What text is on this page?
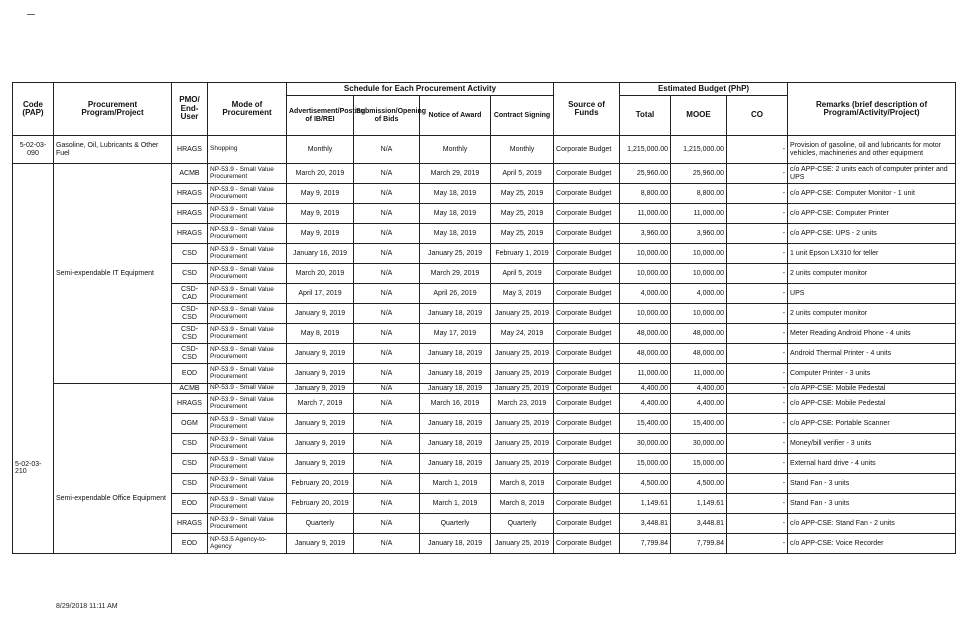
Code (PAP)	Procurement Program/Project	PMO/ End-User	Mode of Procurement	Schedule for Each Procurement Activity				Source of Funds	Estimated Budget (PhP)			Remarks (brief description of Program/Activity/Project)
				Advertisement/Posting of IB/REI	Submission/Opening of Bids	Notice of Award	Contract Signing		Total	MOOE	CO	
5-02-03-090	Gasoline, Oil, Lubricants & Other Fuel	HRAGS	Shopping	Monthly	N/A	Monthly	Monthly	Corporate Budget	1,215,000.00	1,215,000.00	-	Provision of gasoline, oil and lubricants for motor vehicles, machineries and other equipment
	Semi-expendable IT Equipment	ACMB	NP-53.9 - Small Value Procurement	March 20, 2019	N/A	March 29, 2019	April 5, 2019	Corporate Budget	25,960.00	25,960.00	-	c/o APP-CSE: 2 units each of computer printer and UPS
		HRAGS	NP-53.9 - Small Value Procurement	May 9, 2019	N/A	May 18, 2019	May 25, 2019	Corporate Budget	8,800.00	8,800.00	-	c/o APP-CSE: Computer Monitor - 1 unit
		HRAGS	NP-53.9 - Small Value Procurement	May 9, 2019	N/A	May 18, 2019	May 25, 2019	Corporate Budget	11,000.00	11,000.00	-	c/o APP-CSE: Computer Printer
		HRAGS	NP-53.9 - Small Value Procurement	May 9, 2019	N/A	May 18, 2019	May 25, 2019	Corporate Budget	3,960.00	3,960.00	-	c/o APP-CSE: UPS - 2 units
		CSD	NP-53.9 - Small Value Procurement	January 16, 2019	N/A	January 25, 2019	February 1, 2019	Corporate Budget	10,000.00	10,000.00	-	1 unit Epson LX310 for teller
		CSD	NP-53.9 - Small Value Procurement	March 20, 2019	N/A	March 29, 2019	April 5, 2019	Corporate Budget	10,000.00	10,000.00	-	2 units computer monitor
		CSD-CAD	NP-53.9 - Small Value Procurement	April 17, 2019	N/A	April 26, 2019	May 3, 2019	Corporate Budget	4,000.00	4,000.00	-	UPS
		CSD-CSD	NP-53.9 - Small Value Procurement	January 9, 2019	N/A	January 18, 2019	January 25, 2019	Corporate Budget	10,000.00	10,000.00	-	2 units computer monitor
		CSD-CSD	NP-53.9 - Small Value Procurement	May 8, 2019	N/A	May 17, 2019	May 24, 2019	Corporate Budget	48,000.00	48,000.00	-	Meter Reading Android Phone - 4 units
		CSD-CSD	NP-53.9 - Small Value Procurement	January 9, 2019	N/A	January 18, 2019	January 25, 2019	Corporate Budget	48,000.00	48,000.00	-	Android Thermal Printer - 4 units
		EOD	NP-53.9 - Small Value Procurement	January 9, 2019	N/A	January 18, 2019	January 25, 2019	Corporate Budget	11,000.00	11,000.00	-	Computer Printer - 3 units
5-02-03-210	Semi-expendable Office Equipment	ACMB	NP-53.9 - Small Value	January 9, 2019	N/A	January 18, 2019	January 25, 2019	Corporate Budget	4,400.00	4,400.00	-	c/o APP-CSE: Mobile Pedestal
		HRAGS	NP-53.9 - Small Value Procurement	March 7, 2019	N/A	March 16, 2019	March 23, 2019	Corporate Budget	4,400.00	4,400.00	-	c/o APP-CSE: Mobile Pedestal
		OGM	NP-53.9 - Small Value Procurement	January 9, 2019	N/A	January 18, 2019	January 25, 2019	Corporate Budget	15,400.00	15,400.00	-	c/o APP-CSE: Portable Scanner
		CSD	NP-53.9 - Small Value Procurement	January 9, 2019	N/A	January 18, 2019	January 25, 2019	Corporate Budget	30,000.00	30,000.00	-	Money/bill verifier - 3 units
		CSD	NP-53.9 - Small Value Procurement	January 9, 2019	N/A	January 18, 2019	January 25, 2019	Corporate Budget	15,000.00	15,000.00	-	External hard drive - 4 units
		CSD	NP-53.9 - Small Value Procurement	February 20, 2019	N/A	March 1, 2019	March 8, 2019	Corporate Budget	4,500.00	4,500.00	-	Stand Fan - 3 units
		EOD	NP-53.9 - Small Value Procurement	February 20, 2019	N/A	March 1, 2019	March 8, 2019	Corporate Budget	1,149.61	1,149.61	-	Stand Fan - 3 units
		HRAGS	NP-53.9 - Small Value Procurement	Quarterly	N/A	Quarterly	Quarterly	Corporate Budget	3,448.81	3,448.81	-	c/o APP-CSE: Stand Fan - 2 units
		EOD	NP-53.5 Agency-to-Agency	January 9, 2019	N/A	January 18, 2019	January 25, 2019	Corporate Budget	7,799.84	7,799.84	-	c/o APP-CSE: Voice Recorder
8/29/2018 11:11 AM
